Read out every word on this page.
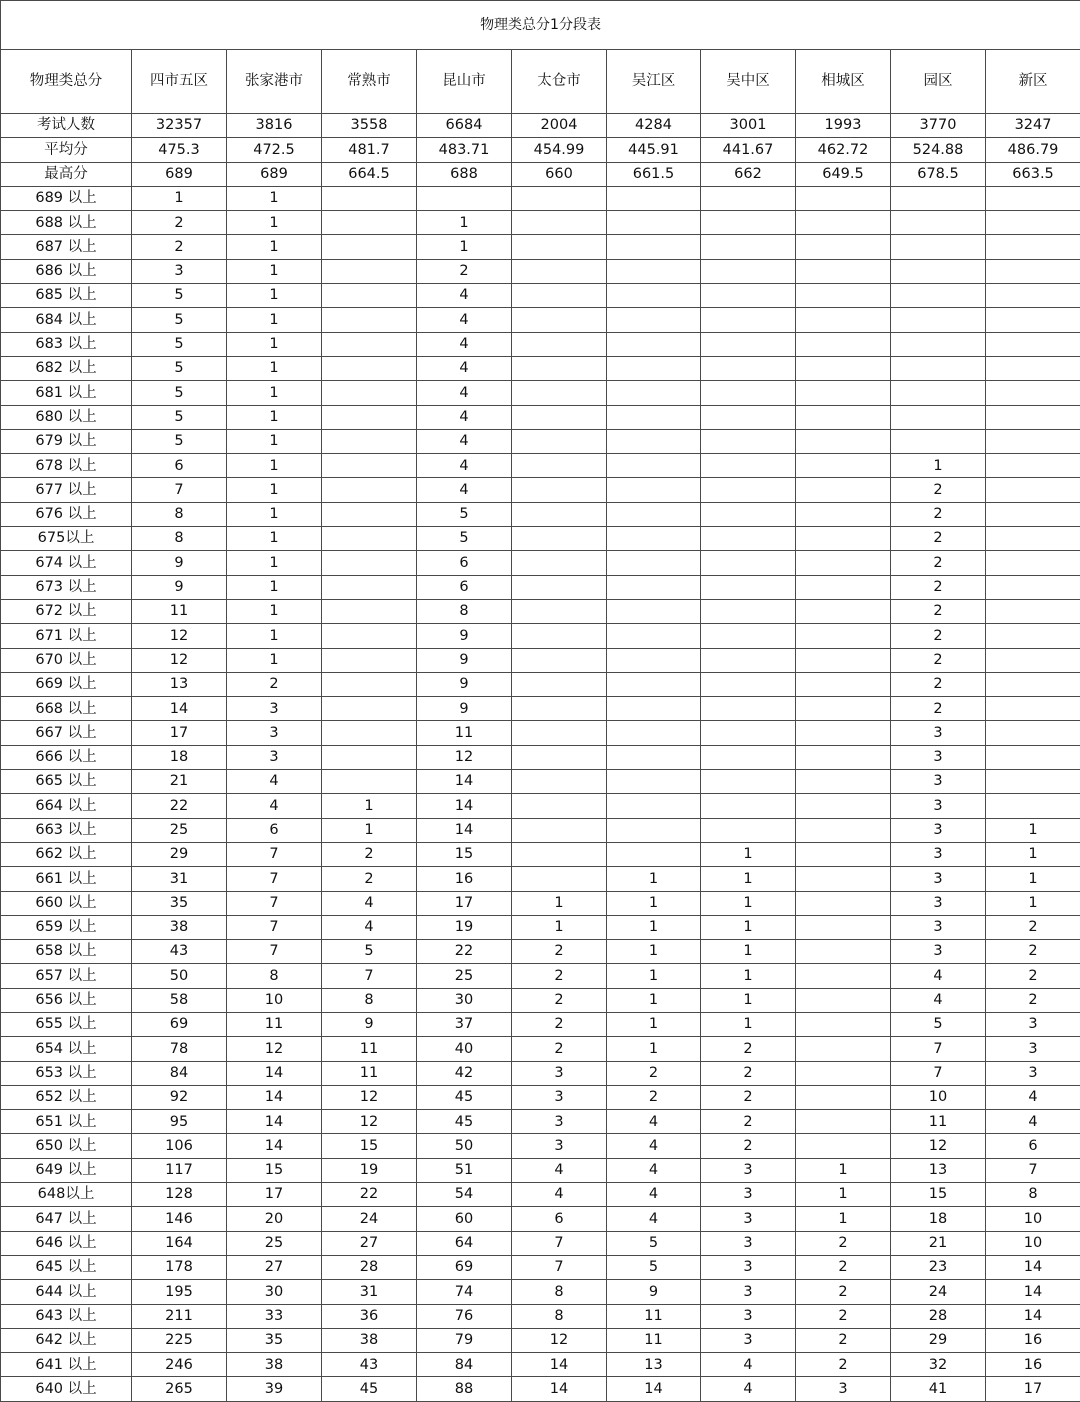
物理类总分1分段表										
物理类总分	四市五区	张家港市	常熟市	昆山市	太仓市	吴江区	吴中区	相城区	园区	新区
考试人数	32357	3816	3558	6684	2004	4284	3001	1993	3770	3247
平均分	475.3	472.5	481.7	483.71	454.99	445.91	441.67	462.72	524.88	486.79
最高分	689	689	664.5	688	660	661.5	662	649.5	678.5	663.5
689 以上	1	1								
688 以上	2	1		1						
687 以上	2	1		1						
686 以上	3	1		2						
685 以上	5	1		4						
684 以上	5	1		4						
683 以上	5	1		4						
682 以上	5	1		4						
681 以上	5	1		4						
680 以上	5	1		4						
679 以上	5	1		4						
678 以上	6	1		4					1	
677 以上	7	1		4					2	
676 以上	8	1		5					2	
675以上	8	1		5					2	
674 以上	9	1		6					2	
673 以上	9	1		6					2	
672 以上	11	1		8					2	
671 以上	12	1		9					2	
670 以上	12	1		9					2	
669 以上	13	2		9					2	
668 以上	14	3		9					2	
667 以上	17	3		11					3	
666 以上	18	3		12					3	
665 以上	21	4		14					3	
664 以上	22	4	1	14					3	
663 以上	25	6	1	14					3	1
662 以上	29	7	2	15			1		3	1
661 以上	31	7	2	16		1	1		3	1
660 以上	35	7	4	17	1	1	1		3	1
659 以上	38	7	4	19	1	1	1		3	2
658 以上	43	7	5	22	2	1	1		3	2
657 以上	50	8	7	25	2	1	1		4	2
656 以上	58	10	8	30	2	1	1		4	2
655 以上	69	11	9	37	2	1	1		5	3
654 以上	78	12	11	40	2	1	2		7	3
653 以上	84	14	11	42	3	2	2		7	3
652 以上	92	14	12	45	3	2	2		10	4
651 以上	95	14	12	45	3	4	2		11	4
650 以上	106	14	15	50	3	4	2		12	6
649 以上	117	15	19	51	4	4	3	1	13	7
648以上	128	17	22	54	4	4	3	1	15	8
647 以上	146	20	24	60	6	4	3	1	18	10
646 以上	164	25	27	64	7	5	3	2	21	10
645 以上	178	27	28	69	7	5	3	2	23	14
644 以上	195	30	31	74	8	9	3	2	24	14
643 以上	211	33	36	76	8	11	3	2	28	14
642 以上	225	35	38	79	12	11	3	2	29	16
641 以上	246	38	43	84	14	13	4	2	32	16
640 以上	265	39	45	88	14	14	4	3	41	17
